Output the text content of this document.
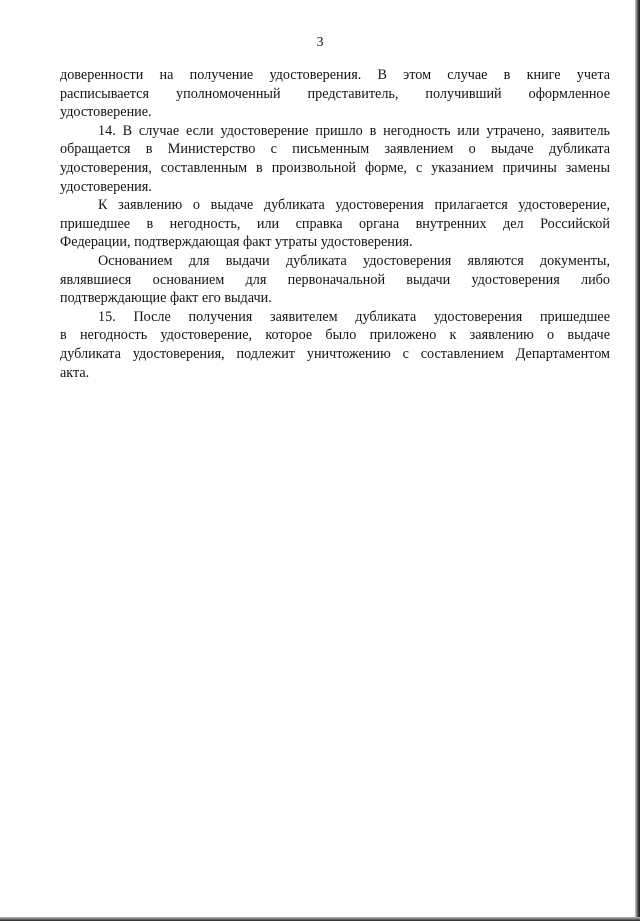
3

доверенности на получение удостоверения. В этом случае в книге учета
расписывается уполномоченный представитель, получивший оформленное
удостоверение.

14. В случае если удостоверение пришло в негодность или утрачено, заявитель
обращается в Министерство с письменным заявлением о выдаче дубликата
удостоверения, составленным в произвольной форме, с указанием причины замены
удостоверения.

К заявлению о выдаче дубликата удостоверения прилагается удостоверение,
пришедшее в негодность, или справка органа внутренних дел Российской
Федерации, подтверждающая факт утраты удостоверения.

Основанием для выдачи дубликата удостоверения являются документы,
являвшиеся основанием для первоначальной выдачи удостоверения либо
подтверждающие факт его выдачи.

15. После получения заявителем дубликата удостоверения пришедшее
в негодность удостоверение, которое было приложено к заявлению о выдаче
дубликата удостоверения, подлежит уничтожению с составлением Департаментом
акта.
